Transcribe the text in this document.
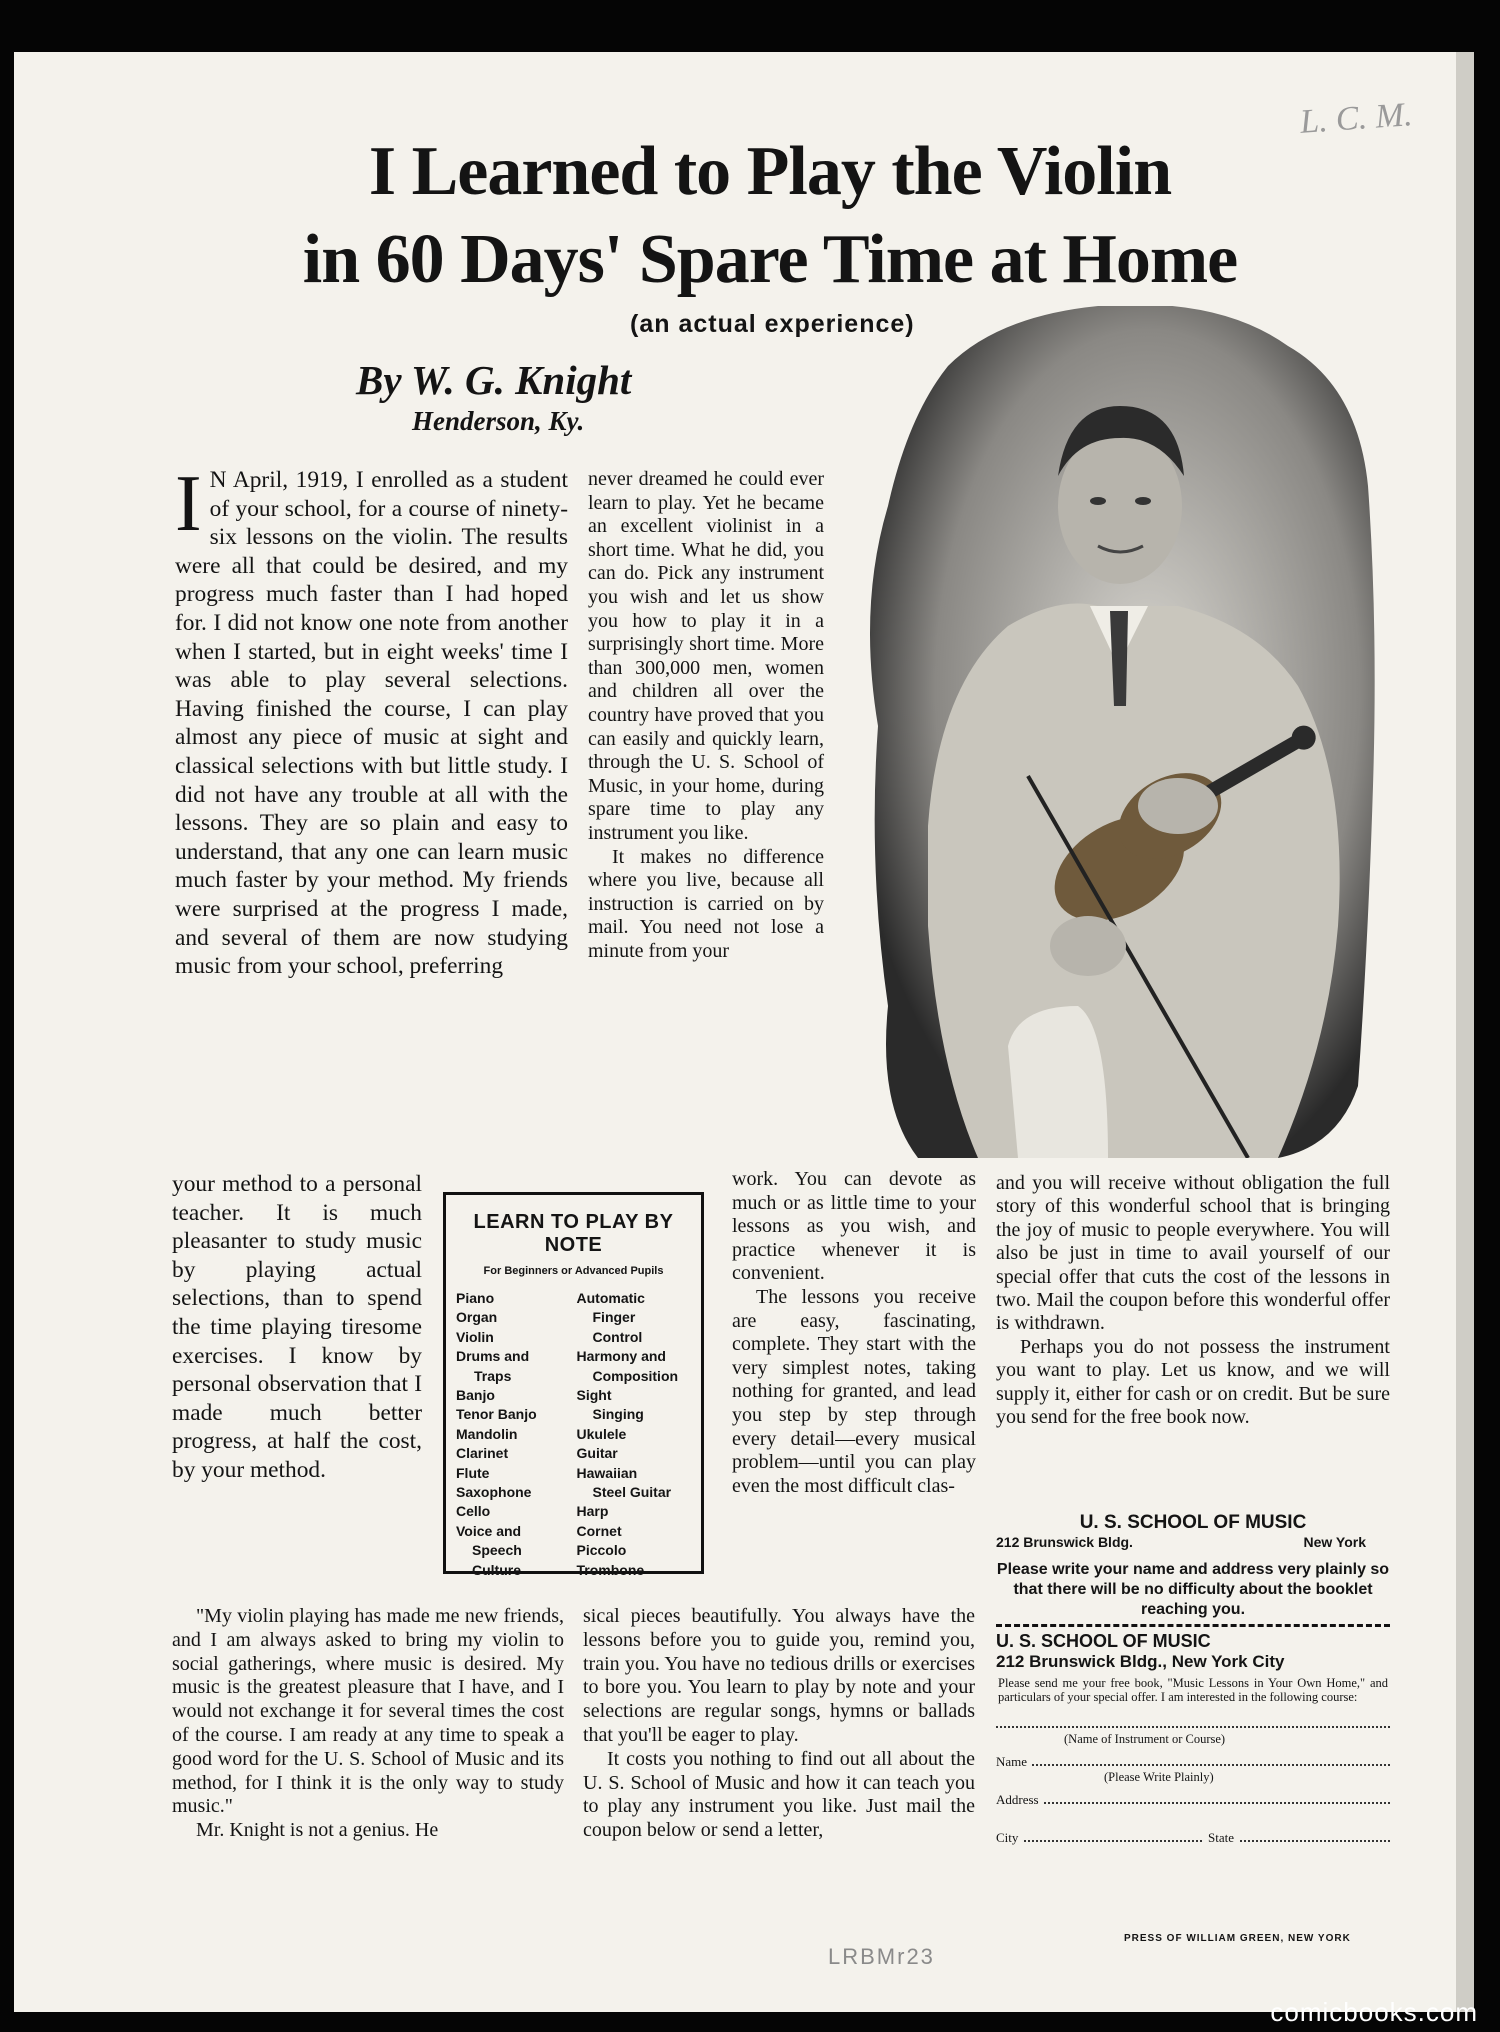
L. C. M.
I Learned to Play the Violin
in 60 Days' Spare Time at Home
(an actual experience)
By W. G. Knight
Henderson, Ky.
I N April, 1919, I enrolled as a student of your school, for a course of ninety-six lessons on the violin. The results were all that could be desired, and my progress much faster than I had hoped for. I did not know one note from another when I started, but in eight weeks' time I was able to play several selections. Having finished the course, I can play almost any piece of music at sight and classical selections with but little study. I did not have any trouble at all with the lessons. They are so plain and easy to understand, that any one can learn music much faster by your method. My friends were surprised at the progress I made, and several of them are now studying music from your school, preferring
your method to a personal teacher. It is much pleasanter to study music by playing actual selections, than to spend the time playing tiresome exercises. I know by personal observation that I made much better progress, at half the cost, by your method.

"My violin playing has made me new friends, and I am always asked to bring my violin to social gatherings, where music is desired. My music is the greatest pleasure that I have, and I would not exchange it for several times the cost of the course. I am ready at any time to speak a good word for the U. S. School of Music and its method, for I think it is the only way to study music."

Mr. Knight is not a genius. He

never dreamed he could ever learn to play. Yet he became an excellent violinist in a short time. What he did, you can do. Pick any instrument you wish and let us show you how to play it in a surprisingly short time. More than 300,000 men, women and children all over the country have proved that you can easily and quickly learn, through the U. S. School of Music, in your home, during spare time to play any instrument you like.

It makes no difference where you live, because all instruction is carried on by mail. You need not lose a minute from your

work. You can devote as much or as little time to your lessons as you wish, and practice whenever it is convenient.

The lessons you receive are easy, fascinating, complete. They start with the very simplest notes, taking nothing for granted, and lead you step by step through every detail—every musical problem—until you can play even the most difficult clas-

sical pieces beautifully. You always have the lessons before you to guide you, remind you, train you. You have no tedious drills or exercises to bore you. You learn to play by note and your selections are regular songs, hymns or ballads that you'll be eager to play.

It costs you nothing to find out all about the U. S. School of Music and how it can teach you to play any instrument you like. Just mail the coupon below or send a letter,

and you will receive without obligation the full story of this wonderful school that is bringing the joy of music to people everywhere. You will also be just in time to avail yourself of our special offer that cuts the cost of the lessons in two. Mail the coupon before this wonderful offer is withdrawn.

Perhaps you do not possess the instrument you want to play. Let us know, and we will supply it, either for cash or on credit. But be sure you send for the free book now.

LEARN TO PLAY BY NOTE
For Beginners or Advanced Pupils
Piano
Organ
Violin
Drums and
Traps
Banjo
Tenor Banjo
Mandolin
Clarinet
Flute
Saxophone
Cello
Voice and
Speech
Culture
Automatic
Finger
Control
Harmony and
Composition
Sight
Singing
Ukulele
Guitar
Hawaiian
Steel Guitar
Harp
Cornet
Piccolo
Trombone
U. S. SCHOOL OF MUSIC
212 Brunswick Bldg.	New York
Please write your name and address very plainly so that there will be no difficulty about the booklet reaching you.
U. S. SCHOOL OF MUSIC
212 Brunswick Bldg., New York City
Please send me your free book, "Music Lessons in Your Own Home," and particulars of your special offer. I am interested in the following course:
(Name of Instrument or Course)
Name
(Please Write Plainly)
Address
City	State
PRESS OF WILLIAM GREEN, NEW YORK
LRBMr23
comicbooks.com
